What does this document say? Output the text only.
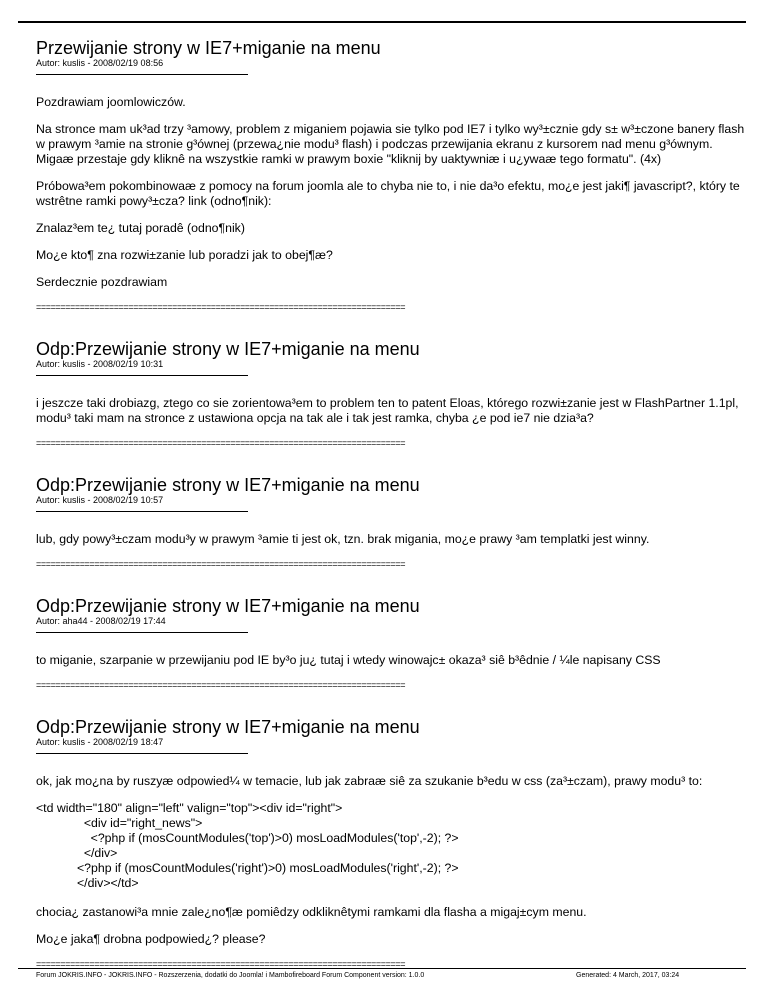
Przewijanie strony w IE7+miganie na menu
Autor: kuslis - 2008/02/19 08:56

Pozdrawiam joomlowiczów.

Na stronce mam uk³ad trzy ³amowy, problem z miganiem pojawia sie tylko pod IE7 i tylko wy³±cznie gdy s± w³±czone banery flash w prawym ³amie na stronie g³ównej (przewa¿nie modu³ flash) i podczas przewijania ekranu z kursorem nad menu g³ównym. Migaæ przestaje gdy kliknê na wszystkie ramki w prawym boxie "kliknij by uaktywniæ i u¿ywaæ tego formatu". (4x)

Próbowa³em pokombinowaæ z pomocy na forum joomla ale to chyba nie to, i nie da³o efektu, mo¿e jest jaki¶ javascript?, który te wstrêtne ramki powy³±cza? link (odno¶nik):

Znalaz³em te¿ tutaj poradê (odno¶nik)

Mo¿e kto¶ zna rozwi±zanie lub poradzi jak to obej¶æ?

Serdecznie pozdrawiam

============================================================================
Odp:Przewijanie strony w IE7+miganie na menu
Autor: kuslis - 2008/02/19 10:31

i jeszcze taki drobiazg, ztego co sie zorientowa³em to problem ten to patent Eloas, którego rozwi±zanie jest w FlashPartner 1.1pl, modu³ taki mam na stronce z ustawiona opcja na tak ale i tak jest ramka, chyba ¿e pod ie7 nie dzia³a?

============================================================================
Odp:Przewijanie strony w IE7+miganie na menu
Autor: kuslis - 2008/02/19 10:57

lub, gdy powy³±czam modu³y w prawym ³amie ti jest ok, tzn. brak migania, mo¿e prawy ³am templatki jest winny.

============================================================================
Odp:Przewijanie strony w IE7+miganie na menu
Autor: aha44 - 2008/02/19 17:44

to miganie, szarpanie w przewijaniu pod IE by³o ju¿ tutaj i wtedy winowajc± okaza³ siê b³êdnie / ¼le napisany CSS

============================================================================
Odp:Przewijanie strony w IE7+miganie na menu
Autor: kuslis - 2008/02/19 18:47

ok, jak mo¿na by ruszyæ odpowied¼ w temacie, lub jak zabraæ siê za szukanie b³edu w css (za³±czam), prawy modu³ to:

<td width="180" align="left" valign="top"><div id="right">
<div id="right_news">
<?php if (mosCountModules('top')>0) mosLoadModules('top',-2); ?>
</div>
<?php if (mosCountModules('right')>0) mosLoadModules('right',-2); ?>
</div></td>

chocia¿ zastanowi³a mnie zale¿no¶æ pomiêdzy odkliknêtymi ramkami dla flasha a migaj±cym menu.

Mo¿e jaka¶ drobna podpowied¿? please?

============================================================================
Forum JOKRIS.INFO - JOKRIS.INFO - Rozszerzenia, dodatki do Joomla! i Mambofireboard Forum Component version: 1.0.0	Generated: 4 March, 2017, 03:24
